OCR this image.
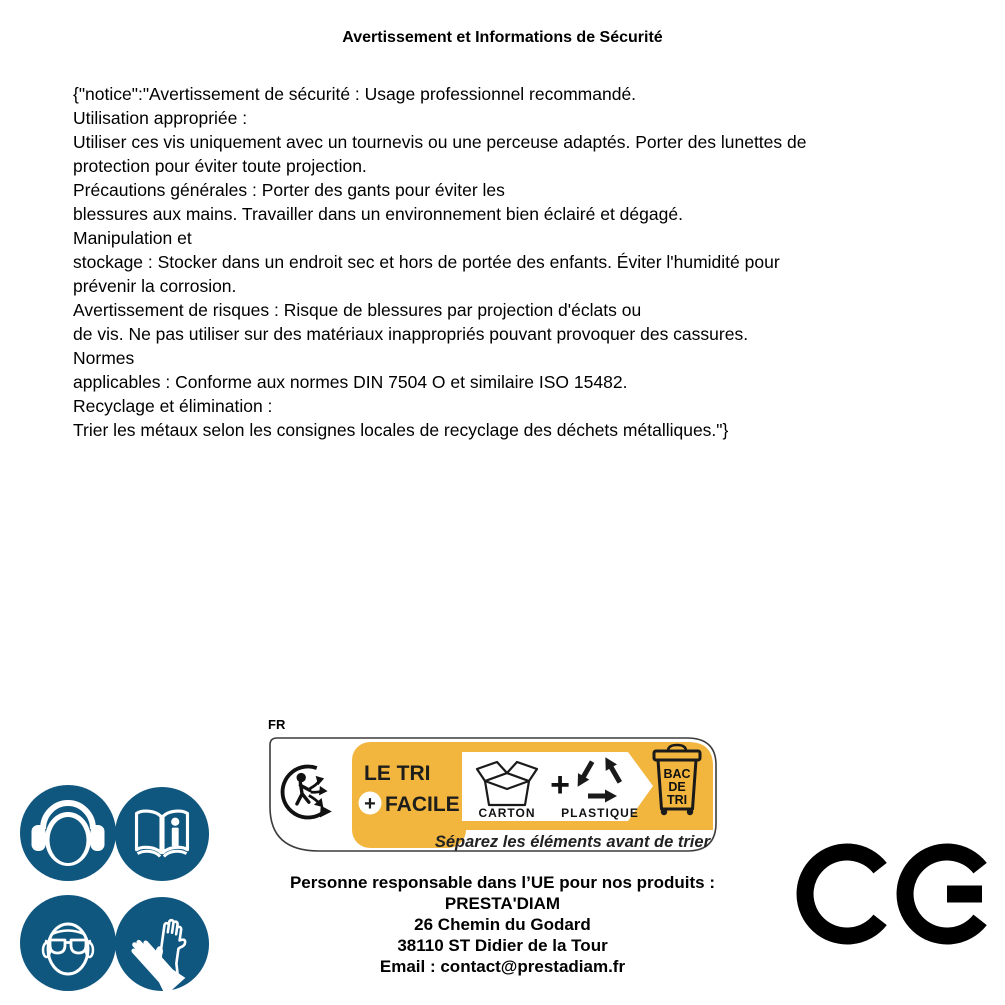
Avertissement et Informations de Sécurité
{"notice":"Avertissement de sécurité : Usage professionnel recommandé.
Utilisation appropriée :
Utiliser ces vis uniquement avec un tournevis ou une perceuse adaptés. Porter des lunettes de
protection pour éviter toute projection.
Précautions générales : Porter des gants pour éviter les
blessures aux mains. Travailler dans un environnement bien éclairé et dégagé.
Manipulation et
stockage : Stocker dans un endroit sec et hors de portée des enfants. Éviter l'humidité pour
prévenir la corrosion.
Avertissement de risques : Risque de blessures par projection d'éclats ou
de vis. Ne pas utiliser sur des matériaux inappropriés pouvant provoquer des cassures.
Normes
applicables : Conforme aux normes DIN 7504 O et similaire ISO 15482.
Recyclage et élimination :
Trier les métaux selon les consignes locales de recyclage des déchets métalliques."}
FR
LE TRI
+ FACILE CARTON
+
PLASTIQUE
BAC
DE
TRI
Séparez les éléments avant de trier
Personne responsable dans l’UE pour nos produits :
PRESTA'DIAM
26 Chemin du Godard
38110 ST Didier de la Tour
Email : contact@prestadiam.fr
